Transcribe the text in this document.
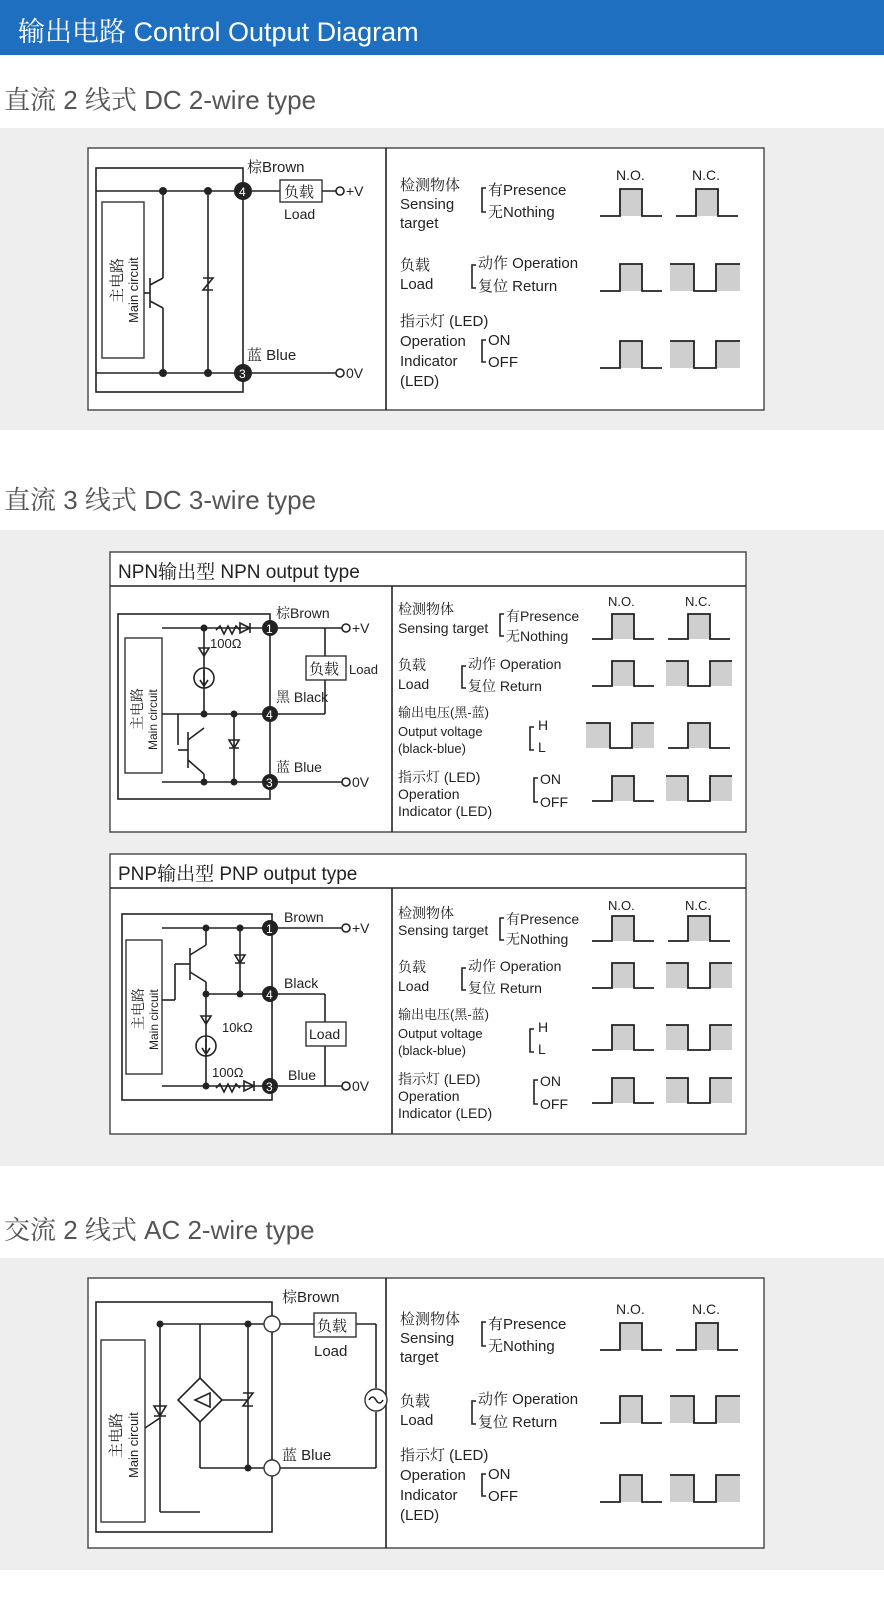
输出电路 Control Output Diagram
直流 2 线式 DC 2-wire type
主电路 Main circuit
4
3
棕Brown
蓝 Blue
负载
Load
+V
0V
N.O.	N.C.
检测物体
Sensing
target
有Presence
无Nothing
负载
Load
动作 Operation
复位 Return
指示灯 (LED)
Operation
Indicator
(LED)
ON
OFF
直流 3 线式 DC 3-wire type
NPN输出型 NPN output type
主电路 Main circuit
100Ω
1
4
3
负载 Load
+V
0V
棕Brown
黑 Black
蓝 Blue
N.O.	N.C.
检测物体
Sensing target
有Presence
无Nothing
负载
Load
动作 Operation
复位 Return
输出电压(黑-蓝)
Output voltage
(black-blue)
H
L
指示灯 (LED)
Operation
Indicator (LED)
ON
OFF
PNP输出型 PNP output type
主电路 Main circuit	10kΩ
100Ω
1
4
3
Load
+V
0V
Brown
Black
Blue
N.O.	N.C.
检测物体
Sensing target
有Presence
无Nothing
负载
Load
动作 Operation
复位 Return
输出电压(黑-蓝)
Output voltage
(black-blue)
H
L
指示灯 (LED)
Operation
Indicator (LED)
ON
OFF
交流 2 线式 AC 2-wire type
主电路 Main circuit
负载
Load
棕Brown
蓝 Blue
N.O.	N.C.
检测物体
Sensing
target
有Presence
无Nothing
负载
Load
动作 Operation
复位 Return
指示灯 (LED)
Operation
Indicator
(LED)
ON
OFF
